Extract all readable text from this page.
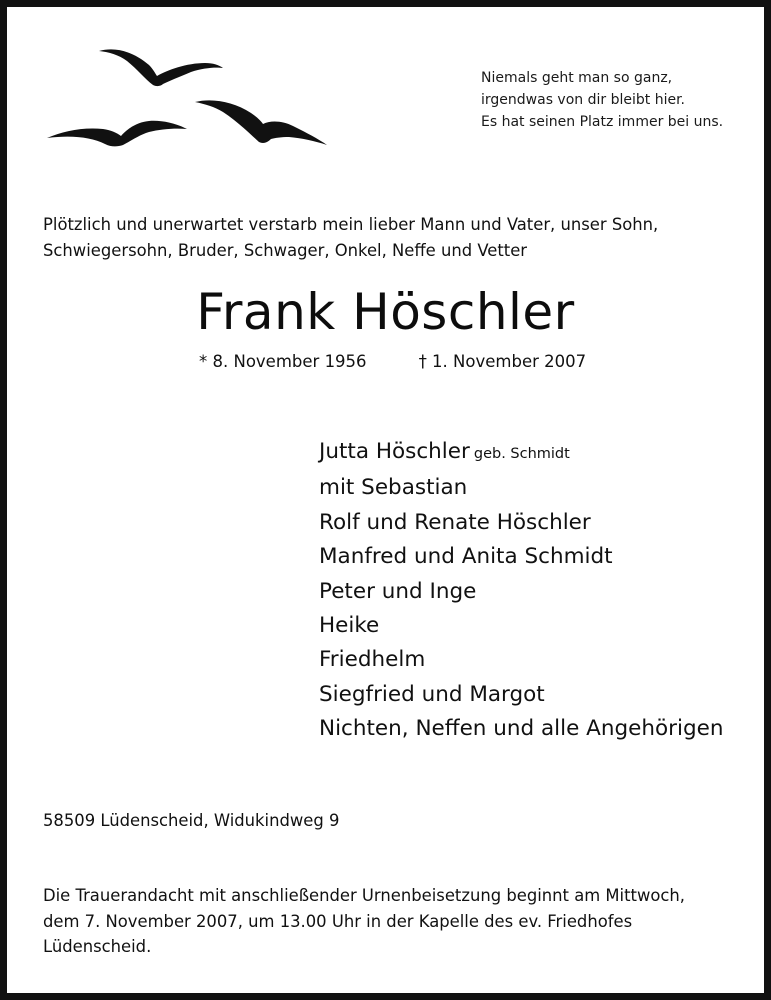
Niemals geht man so ganz,
irgendwas von dir bleibt hier.
Es hat seinen Platz immer bei uns.
Plötzlich und unerwartet verstarb mein lieber Mann und Vater, unser Sohn,
Schwiegersohn, Bruder, Schwager, Onkel, Neffe und Vetter
Frank Höschler
* 8. November 1956	† 1. November 2007
Jutta Höschler geb. Schmidt
mit Sebastian
Rolf und Renate Höschler
Manfred und Anita Schmidt
Peter und Inge
Heike
Friedhelm
Siegfried und Margot
Nichten, Neffen und alle Angehörigen
58509 Lüdenscheid, Widukindweg 9
Die Trauerandacht mit anschließender Urnenbeisetzung beginnt am Mittwoch,
dem 7. November 2007, um 13.00 Uhr in der Kapelle des ev. Friedhofes
Lüdenscheid.
